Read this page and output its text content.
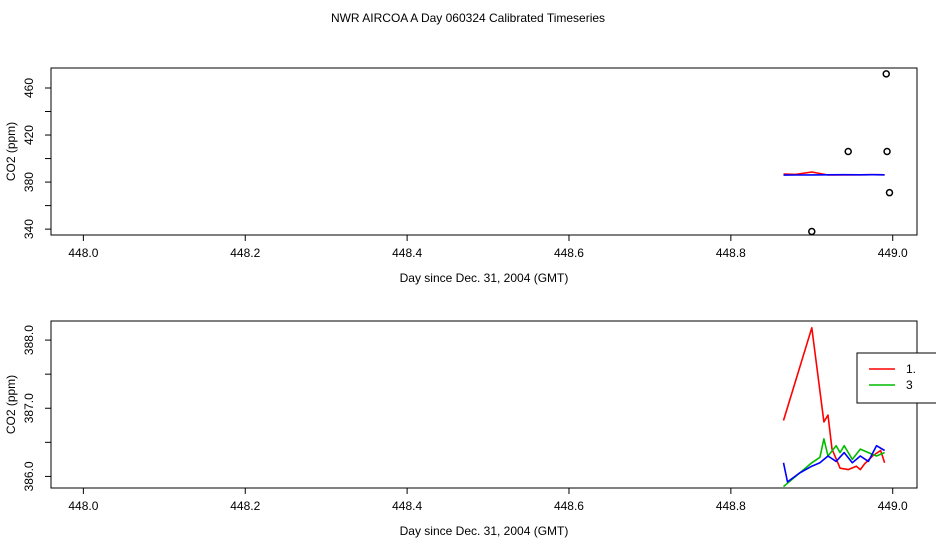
NWR AIRCOA A Day 060324 Calibrated Timeseries
448.0	448.2	448.4	448.6	448.8	449.0
340
380
420
460
Day since Dec. 31, 2004 (GMT)
CO2 (ppm)
448.0	448.2	448.4	448.6	448.8	449.0
386.0
387.0
388.0
Day since Dec. 31, 2004 (GMT)
CO2 (ppm)
1.
3
